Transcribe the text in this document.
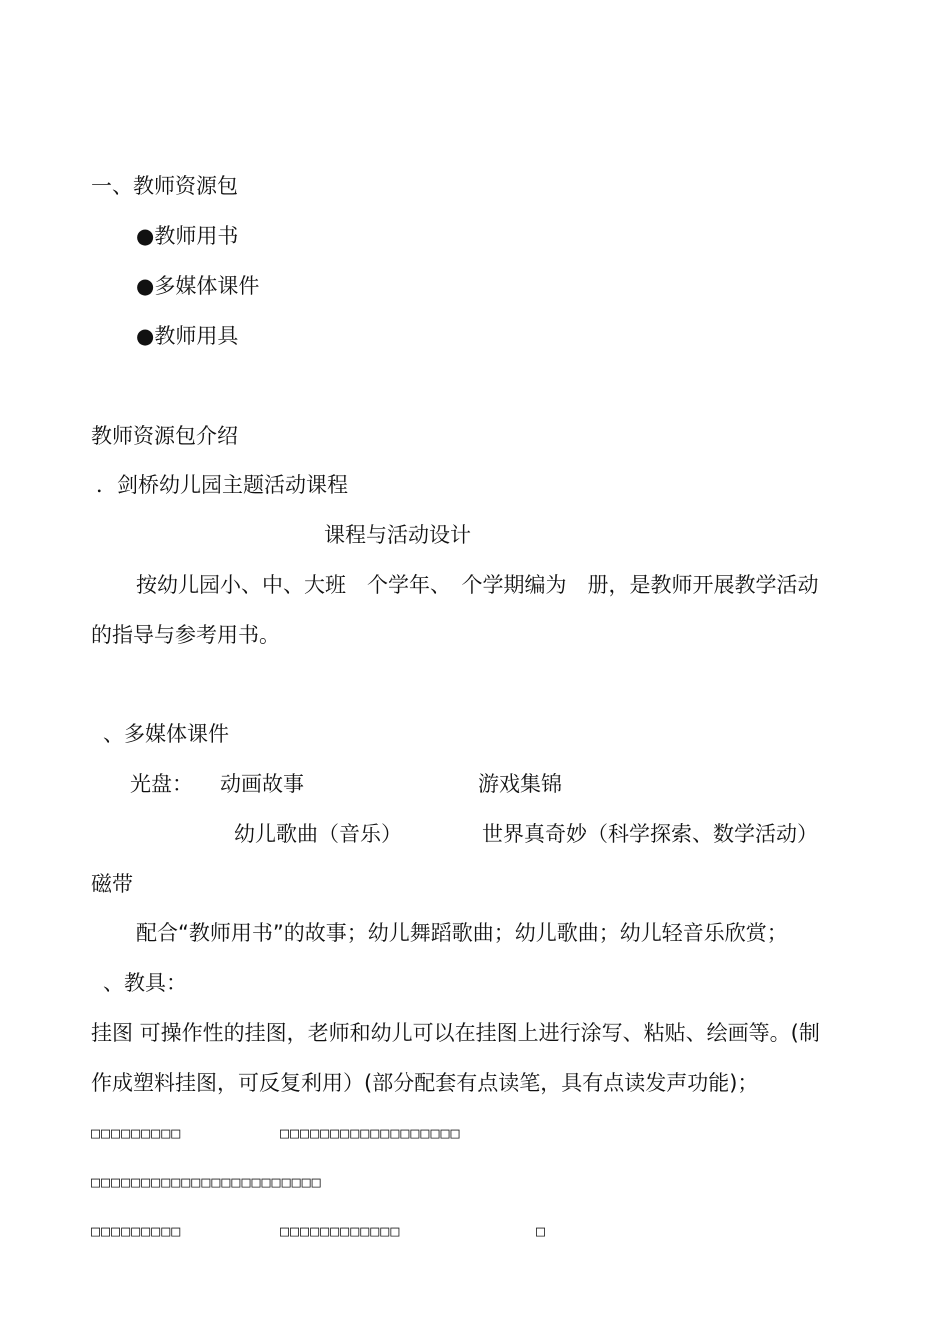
一、教师资源包
●教师用书
●多媒体课件
●教师用具
教师资源包介绍
．剑桥幼儿园主题活动课程
课程与活动设计
按幼儿园小、中、大班　个学年、　个学期编为　册，是教师开展教学活动
的指导与参考用书。
、多媒体课件
光盘： 动画故事	游戏集锦
幼儿歌曲（音乐）	世界真奇妙（科学探索、数学活动）
磁带
配合“教师用书”的故事；幼儿舞蹈歌曲；幼儿歌曲；幼儿轻音乐欣赏；
、教具：
挂图 可操作性的挂图，老师和幼儿可以在挂图上进行涂写、粘贴、绘画等。(制
作成塑料挂图，可反复利用）(部分配套有点读笔，具有点读发声功能)；
□□□□□□□□□	□□□□□□□□□□□□□□□□□□
□□□□□□□□□□□□□□□□□□□□□□□
□□□□□□□□□	□□□□□□□□□□□□	□
